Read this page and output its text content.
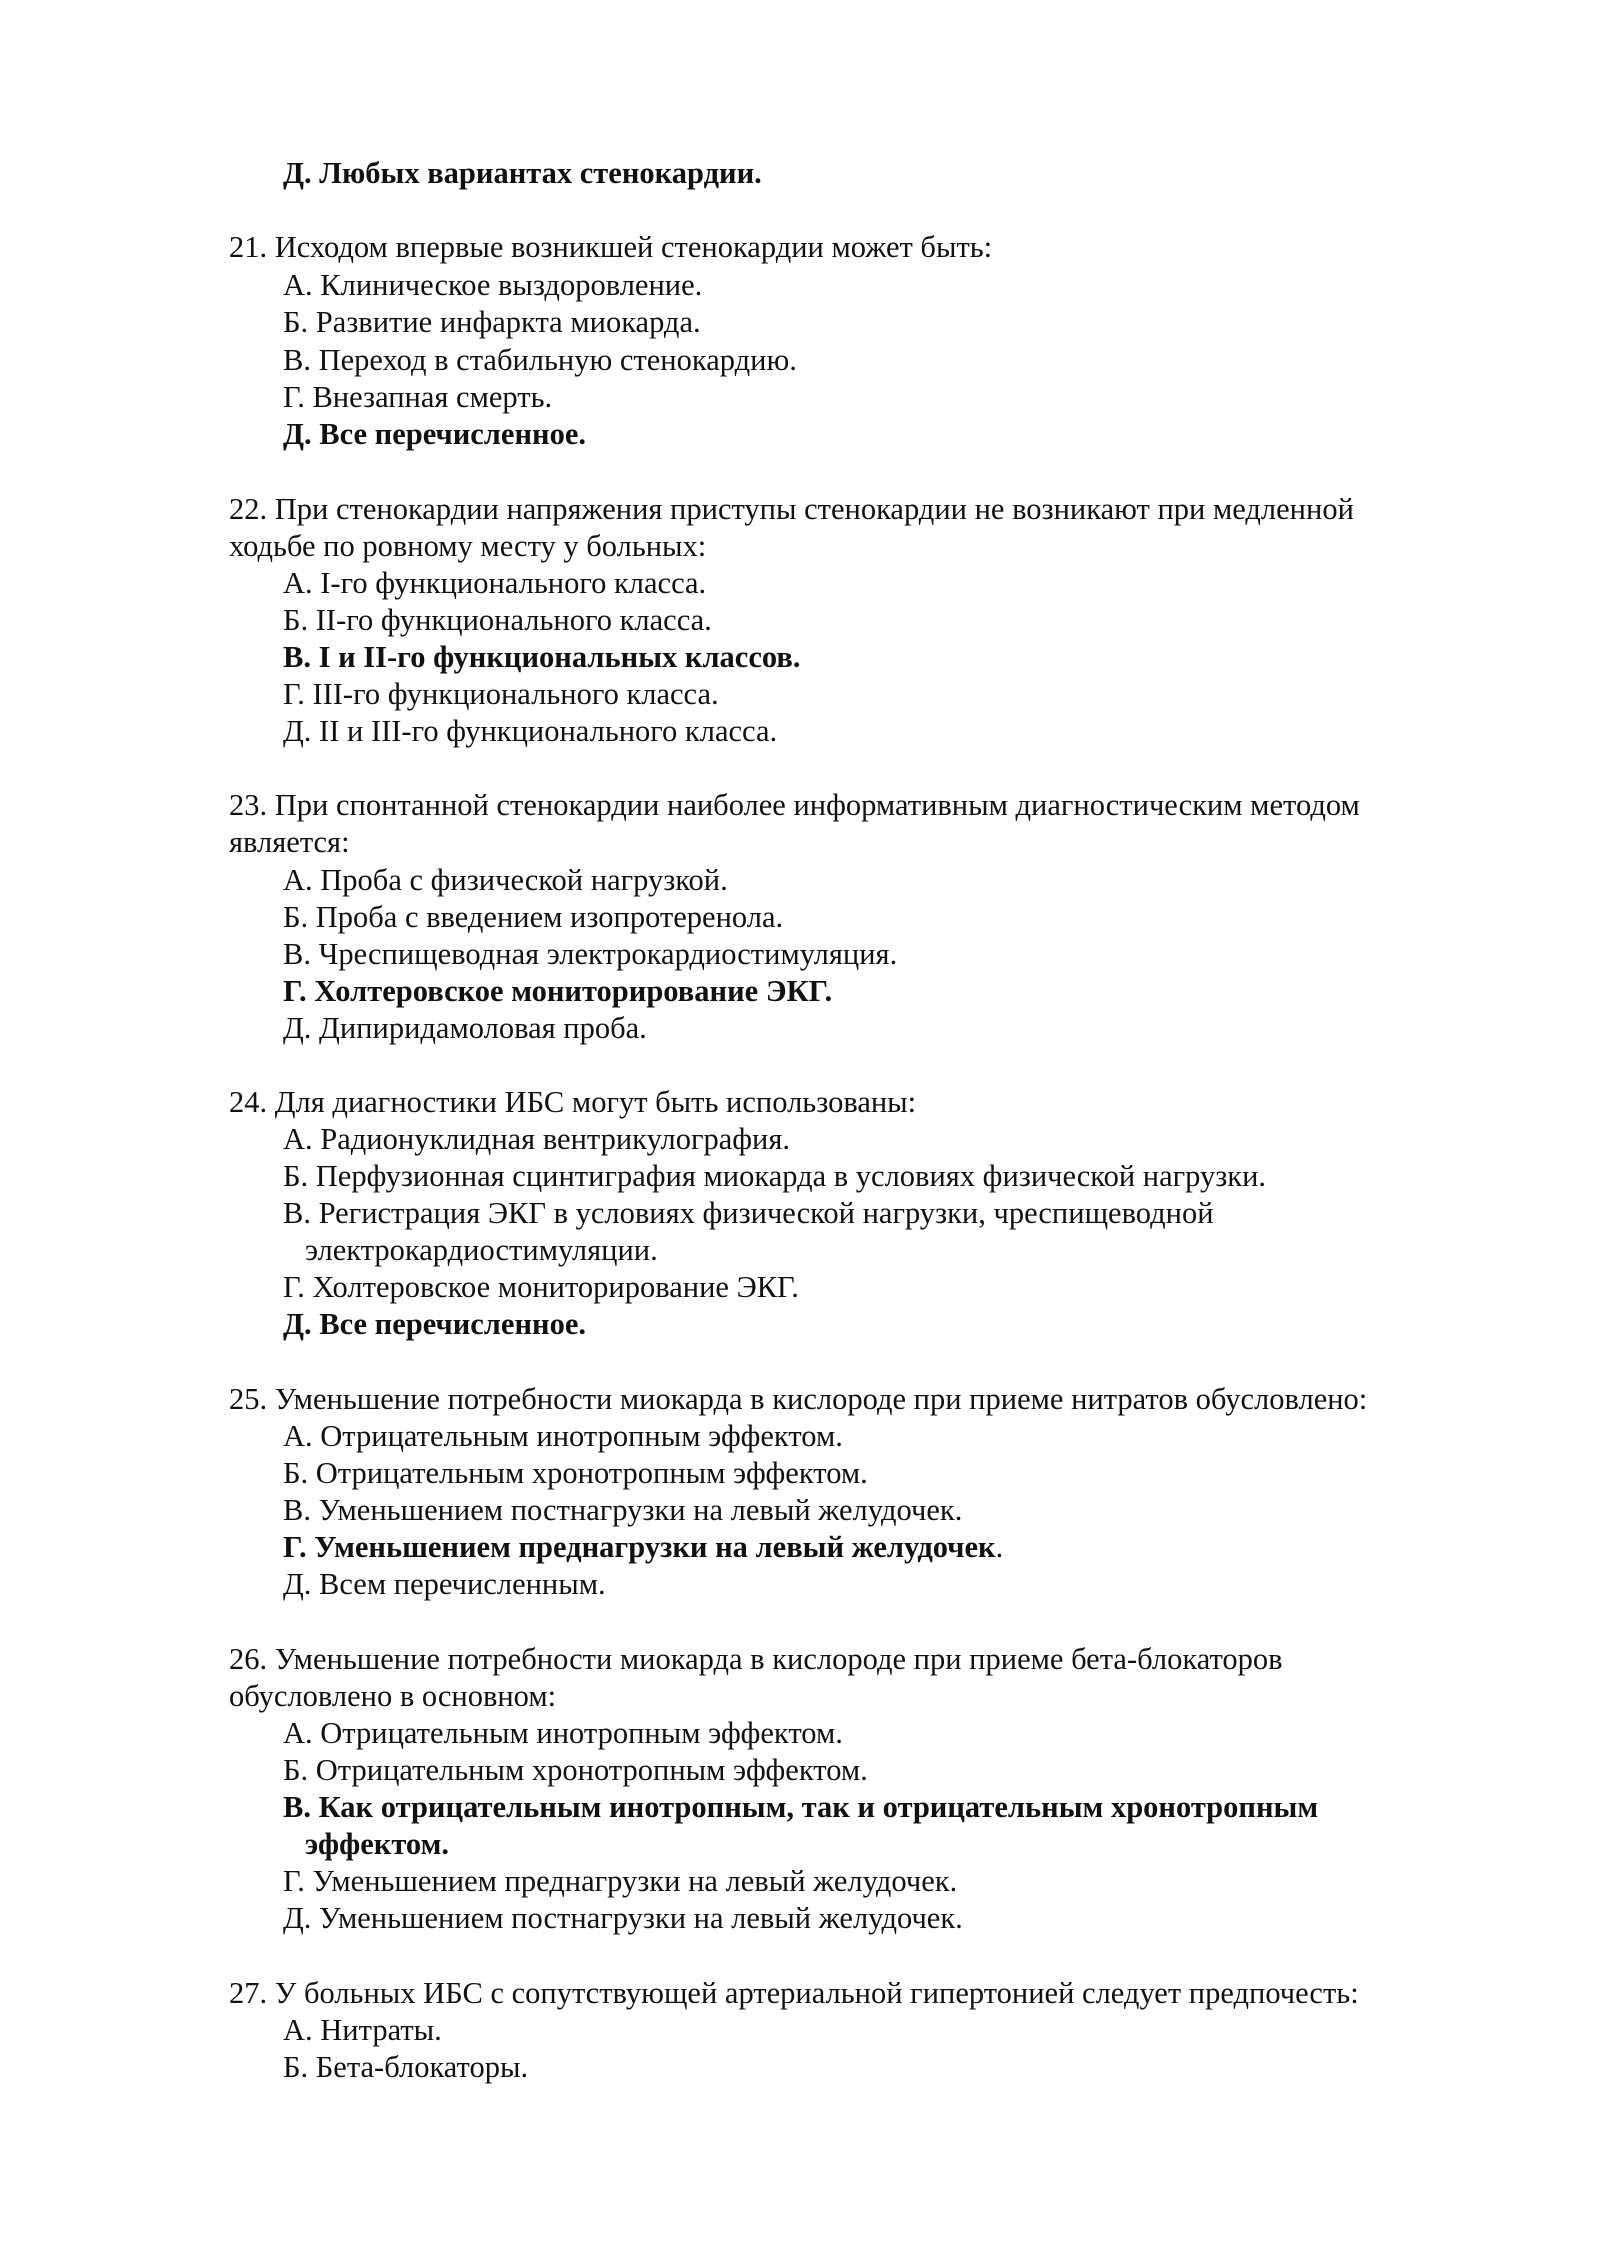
Д. Любых вариантах стенокардии.
21. Исходом впервые возникшей стенокардии может быть:
А. Клиническое выздоровление.
Б. Развитие инфаркта миокарда.
В. Переход в стабильную стенокардию.
Г. Внезапная смерть.
Д. Все перечисленное.
22. При стенокардии напряжения приступы стенокардии не возникают при медленной
ходьбе по ровному месту у больных:
А. I-го функционального класса.
Б. II-го функционального класса.
В. I и II-го функциональных классов.
Г. III-го функционального класса.
Д. II и III-го функционального класса.
23. При спонтанной стенокардии наиболее информативным диагностическим методом
является:
А. Проба с физической нагрузкой.
Б. Проба с введением изопротеренола.
В. Чреспищеводная электрокардиостимуляция.
Г. Холтеровское мониторирование ЭКГ.
Д. Дипиридамоловая проба.
24. Для диагностики ИБС могут быть использованы:
А. Радионуклидная вентрикулография.
Б. Перфузионная сцинтиграфия миокарда в условиях физической нагрузки.
В. Регистрация ЭКГ в условиях физической нагрузки, чреспищеводной
электрокардиостимуляции.
Г. Холтеровское мониторирование ЭКГ.
Д. Все перечисленное.
25. Уменьшение потребности миокарда в кислороде при приеме нитратов обусловлено:
А. Отрицательным инотропным эффектом.
Б. Отрицательным хронотропным эффектом.
В. Уменьшением постнагрузки на левый желудочек.
Г. Уменьшением преднагрузки на левый желудочек.
Д. Всем перечисленным.
26. Уменьшение потребности миокарда в кислороде при приеме бета-блокаторов
обусловлено в основном:
А. Отрицательным инотропным эффектом.
Б. Отрицательным хронотропным эффектом.
В. Как отрицательным инотропным, так и отрицательным хронотропным
эффектом.
Г. Уменьшением преднагрузки на левый желудочек.
Д. Уменьшением постнагрузки на левый желудочек.
27. У больных ИБС с сопутствующей артериальной гипертонией следует предпочесть:
А. Нитраты.
Б. Бета-блокаторы.
